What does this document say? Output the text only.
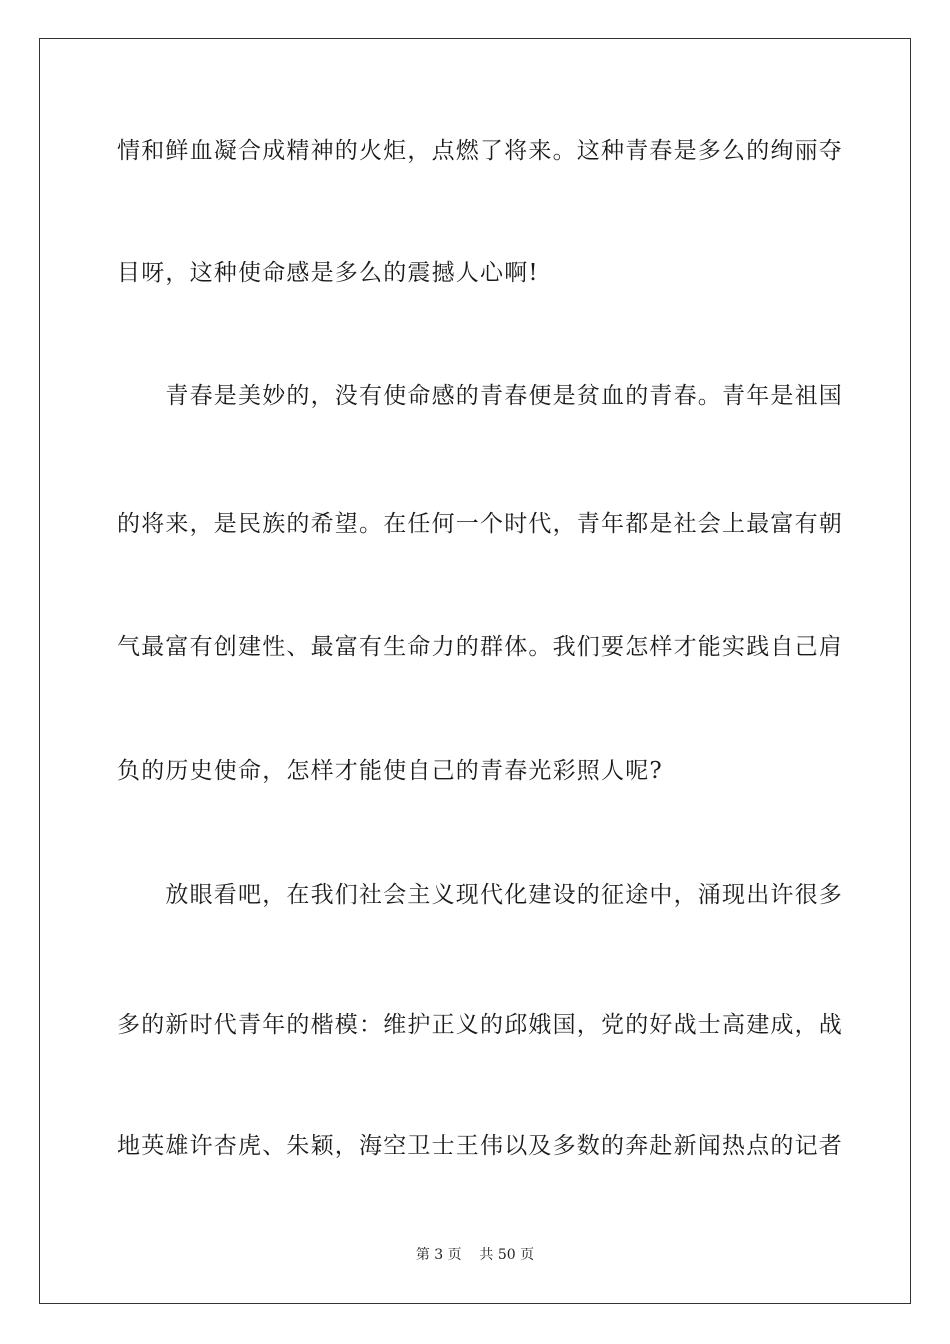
情和鲜血凝合成精神的火炬，点燃了将来。这种青春是多么的绚丽夺
目呀，这种使命感是多么的震撼人心啊!
　　青春是美妙的，没有使命感的青春便是贫血的青春。青年是祖国
的将来，是民族的希望。在任何一个时代，青年都是社会上最富有朝
气最富有创建性、最富有生命力的群体。我们要怎样才能实践自己肩
负的历史使命，怎样才能使自己的青春光彩照人呢?
　　放眼看吧，在我们社会主义现代化建设的征途中，涌现出许很多
多的新时代青年的楷模：维护正义的邱娥国，党的好战士高建成，战
地英雄许杏虎、朱颖，海空卫士王伟以及多数的奔赴新闻热点的记者
第 3 页    共 50 页
